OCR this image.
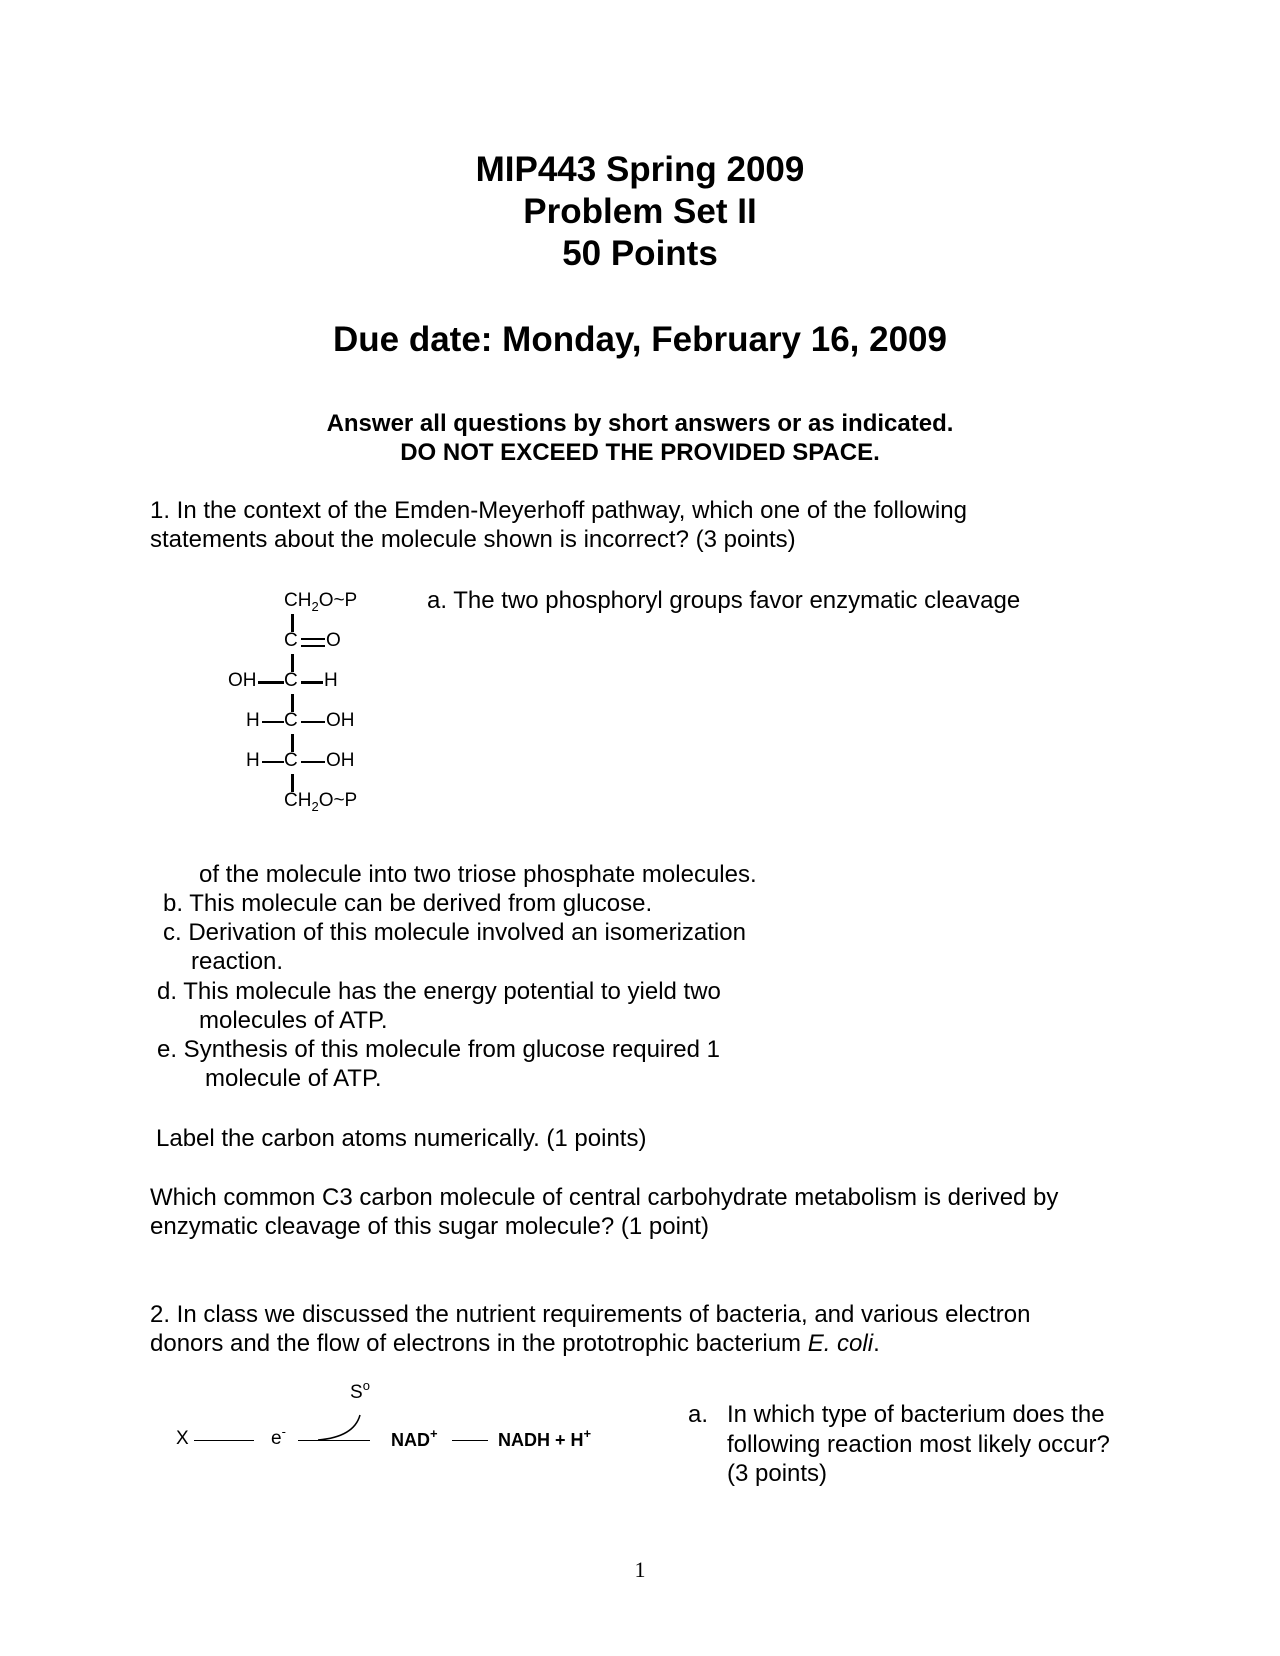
MIP443 Spring 2009
Problem Set II
50 Points
Due date: Monday, February 16, 2009
Answer all questions by short answers or as indicated.
DO NOT EXCEED THE PROVIDED SPACE.
1. In the context of the Emden-Meyerhoff pathway, which one of the following
statements about the molecule shown is incorrect? (3 points)
$CH_2O\sim P$
C O
OH C H
H C OH
H C OH
$CH_2O\sim P$
a. The two phosphoryl groups favor enzymatic cleavage
of the molecule into two triose phosphate molecules.
b. This molecule can be derived from glucose.
c. Derivation of this molecule involved an isomerization
reaction.
d. This molecule has the energy potential to yield two
molecules of ATP.
e. Synthesis of this molecule from glucose required 1
molecule of ATP.
Label the carbon atoms numerically. (1 points)
Which common C3 carbon molecule of central carbohydrate metabolism is derived by
enzymatic cleavage of this sugar molecule? (1 point)
2. In class we discussed the nutrient requirements of bacteria, and various electron
donors and the flow of electrons in the prototrophic bacterium E. coli.
X	e-
$S^o$
NAD+	NADH + H+
a. In which type of bacterium does the
following reaction most likely occur?
(3 points)
1
